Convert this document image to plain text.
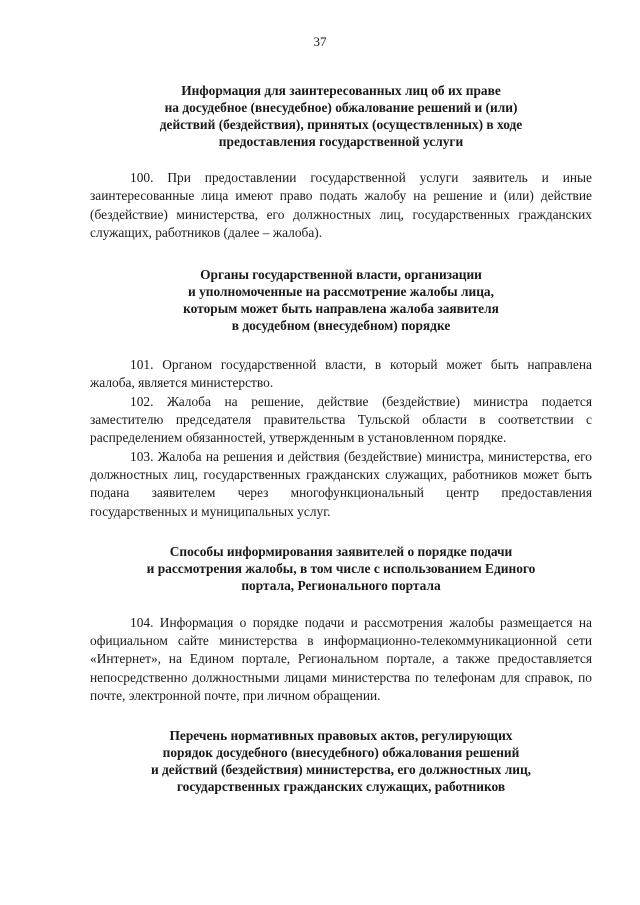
37
Информация для заинтересованных лиц об их праве
на досудебное (внесудебное) обжалование решений и (или)
действий (бездействия), принятых (осуществленных) в ходе
предоставления государственной услуги

100. При предоставлении государственной услуги заявитель и иные заинтересованные лица имеют право подать жалобу на решение и (или) действие (бездействие) министерства, его должностных лиц, государственных гражданских служащих, работников (далее – жалоба).

Органы государственной власти, организации
и уполномоченные на рассмотрение жалобы лица,
которым может быть направлена жалоба заявителя
в досудебном (внесудебном) порядке

101. Органом государственной власти, в который может быть направлена жалоба, является министерство.

102. Жалоба на решение, действие (бездействие) министра подается заместителю председателя правительства Тульской области в соответствии с распределением обязанностей, утвержденным в установленном порядке.

103. Жалоба на решения и действия (бездействие) министра, министерства, его должностных лиц, государственных гражданских служащих, работников может быть подана заявителем через многофункциональный центр предоставления государственных и муниципальных услуг.

Способы информирования заявителей о порядке подачи
и рассмотрения жалобы, в том числе с использованием Единого
портала, Регионального портала

104. Информация о порядке подачи и рассмотрения жалобы размещается на официальном сайте министерства в информационно-телекоммуникационной сети «Интернет», на Едином портале, Региональном портале, а также предоставляется непосредственно должностными лицами министерства по телефонам для справок, по почте, электронной почте, при личном обращении.

Перечень нормативных правовых актов, регулирующих
порядок досудебного (внесудебного) обжалования решений
и действий (бездействия) министерства, его должностных лиц,
государственных гражданских служащих, работников
